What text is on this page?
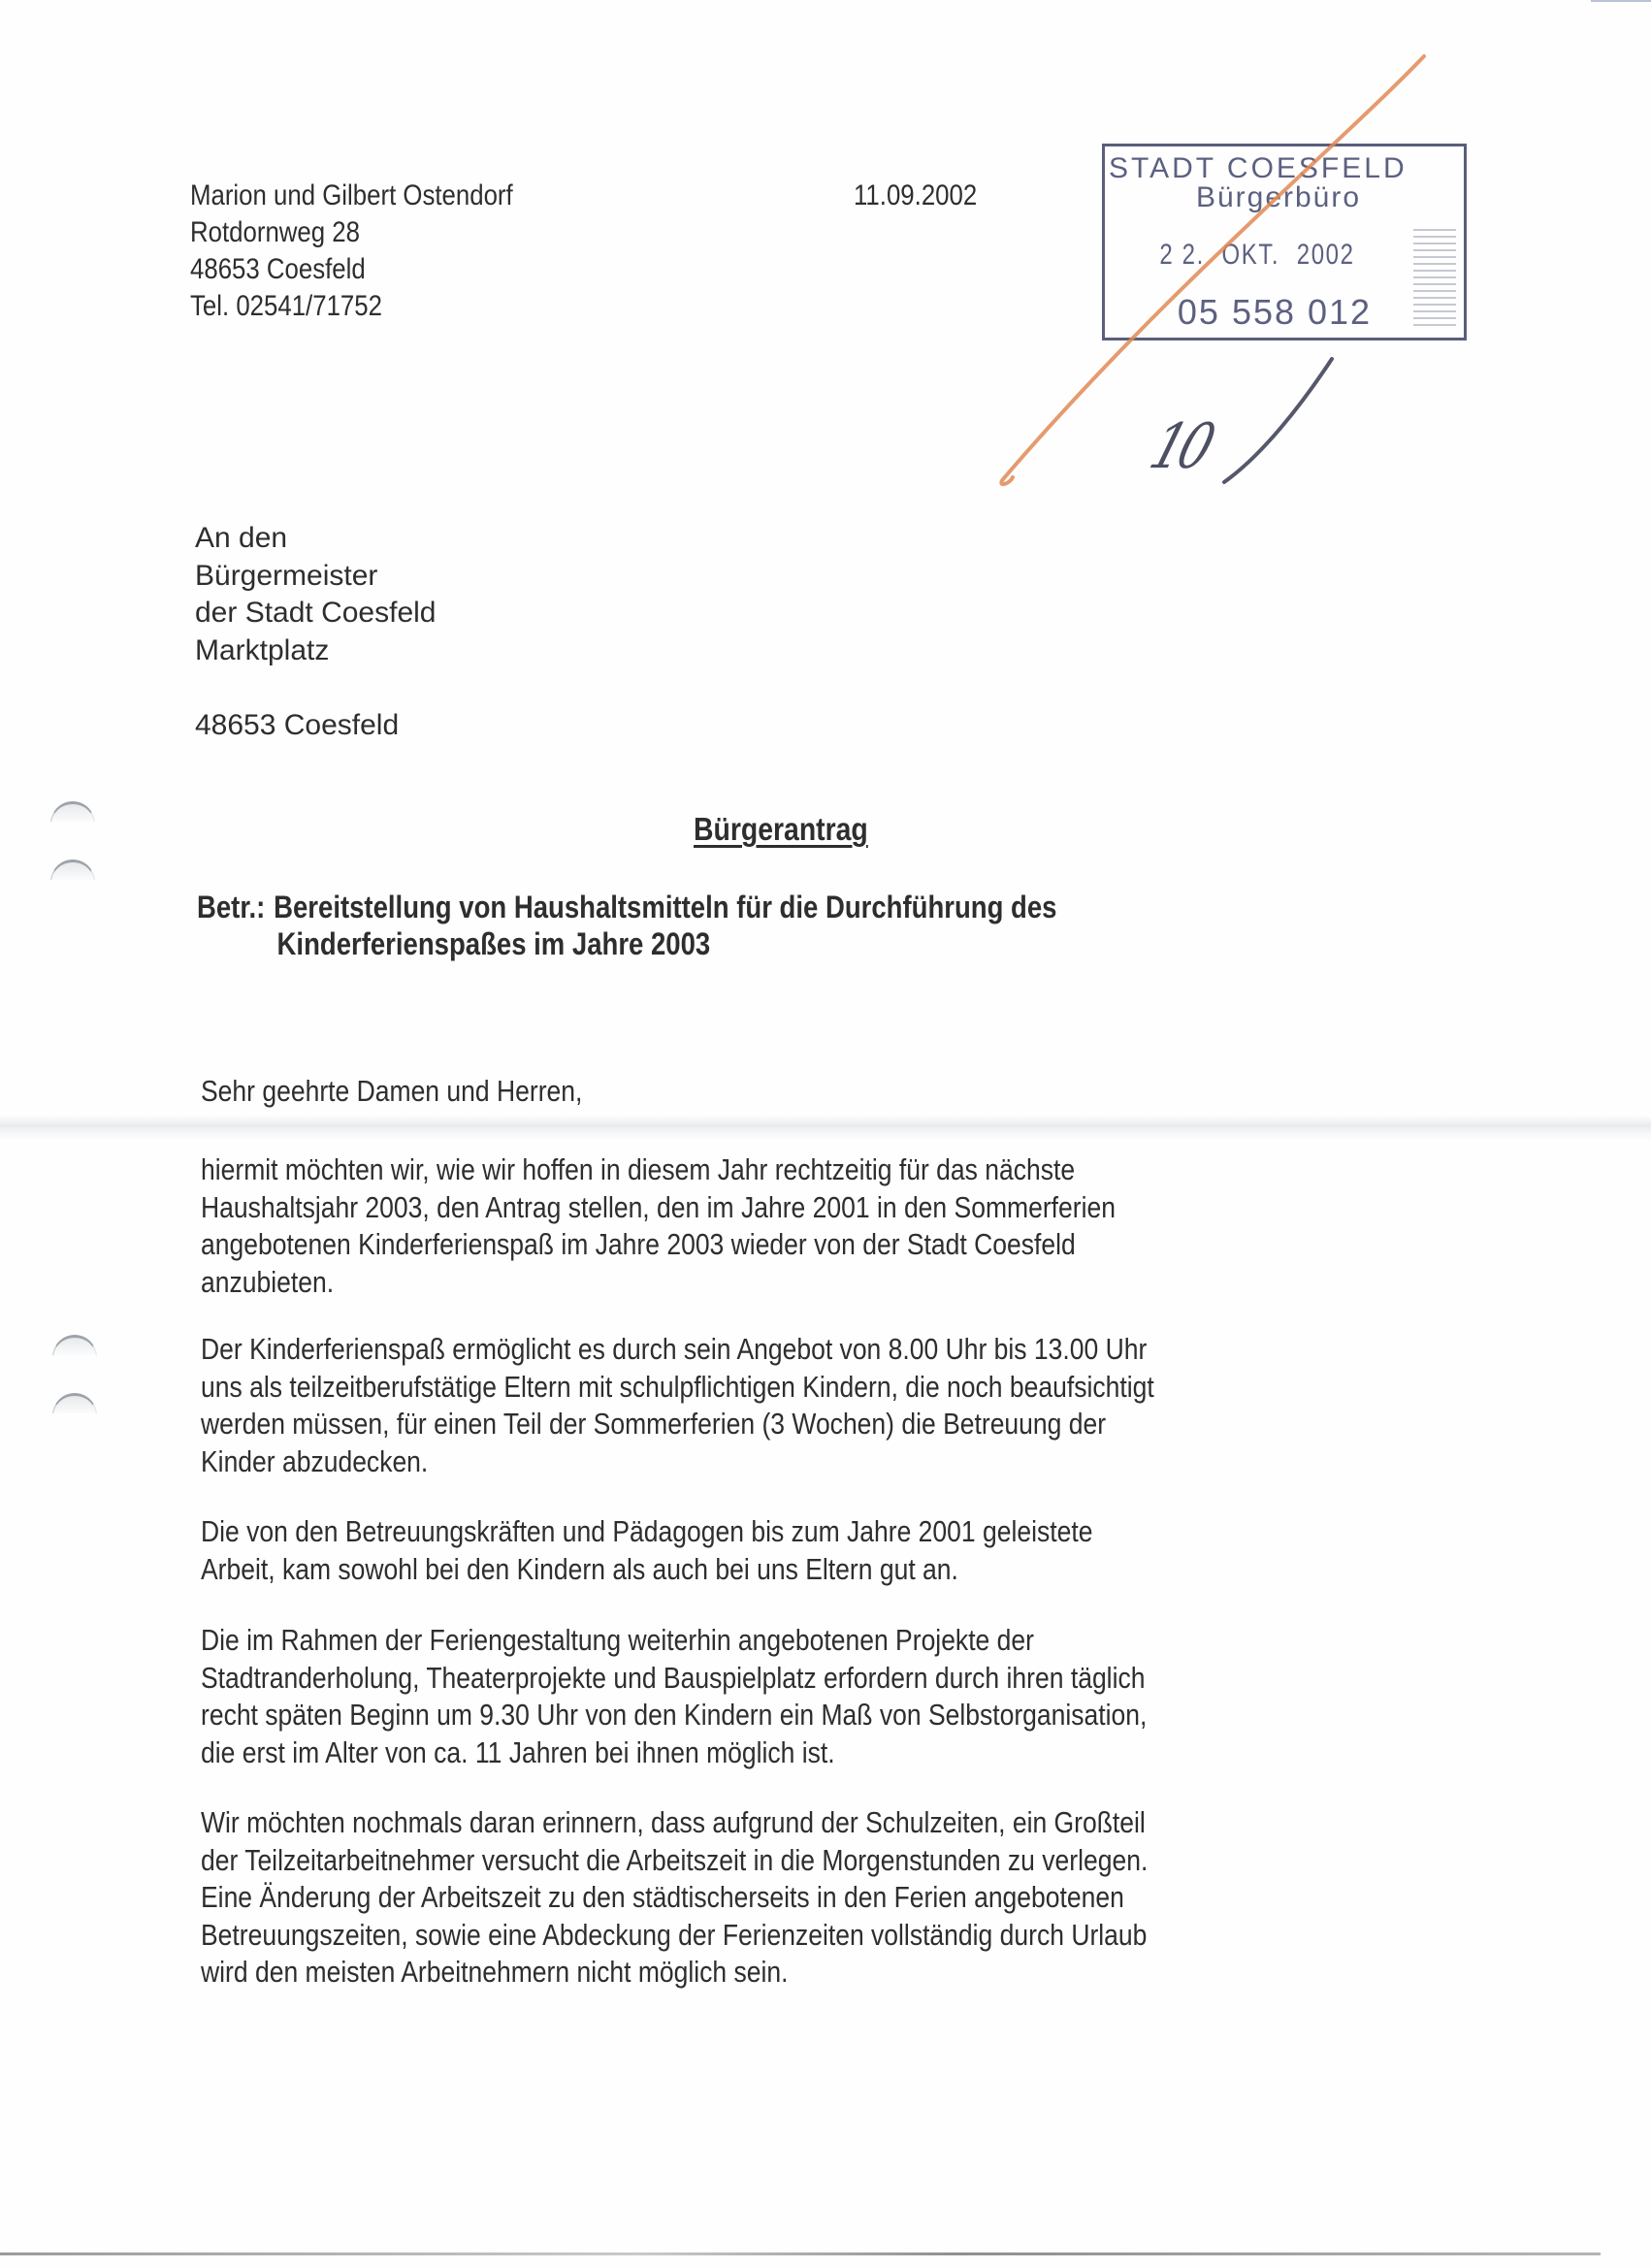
Marion und Gilbert Ostendorf
Rotdornweg 28
48653 Coesfeld
Tel. 02541/71752
11.09.2002
STADT COESFELD
Bürgerbüro
2 2. OKT. 2002
05 558 012
10
An den
Bürgermeister
der Stadt Coesfeld
Marktplatz
48653 Coesfeld
Bürgerantrag
Betr.: Bereitstellung von Haushaltsmitteln für die Durchführung des
Kinderferienspaßes im Jahre 2003
Sehr geehrte Damen und Herren,
hiermit möchten wir, wie wir hoffen in diesem Jahr rechtzeitig für das nächste
Haushaltsjahr 2003, den Antrag stellen, den im Jahre 2001 in den Sommerferien
angebotenen Kinderferienspaß im Jahre 2003 wieder von der Stadt Coesfeld
anzubieten.
Der Kinderferienspaß ermöglicht es durch sein Angebot von 8.00 Uhr bis 13.00 Uhr
uns als teilzeitberufstätige Eltern mit schulpflichtigen Kindern, die noch beaufsichtigt
werden müssen, für einen Teil der Sommerferien (3 Wochen) die Betreuung der
Kinder abzudecken.
Die von den Betreuungskräften und Pädagogen bis zum Jahre 2001 geleistete
Arbeit, kam sowohl bei den Kindern als auch bei uns Eltern gut an.
Die im Rahmen der Feriengestaltung weiterhin angebotenen Projekte der
Stadtranderholung, Theaterprojekte und Bauspielplatz erfordern durch ihren täglich
recht späten Beginn um 9.30 Uhr von den Kindern ein Maß von Selbstorganisation,
die erst im Alter von ca. 11 Jahren bei ihnen möglich ist.
Wir möchten nochmals daran erinnern, dass aufgrund der Schulzeiten, ein Großteil
der Teilzeitarbeitnehmer versucht die Arbeitszeit in die Morgenstunden zu verlegen.
Eine Änderung der Arbeitszeit zu den städtischerseits in den Ferien angebotenen
Betreuungszeiten, sowie eine Abdeckung der Ferienzeiten vollständig durch Urlaub
wird den meisten Arbeitnehmern nicht möglich sein.
